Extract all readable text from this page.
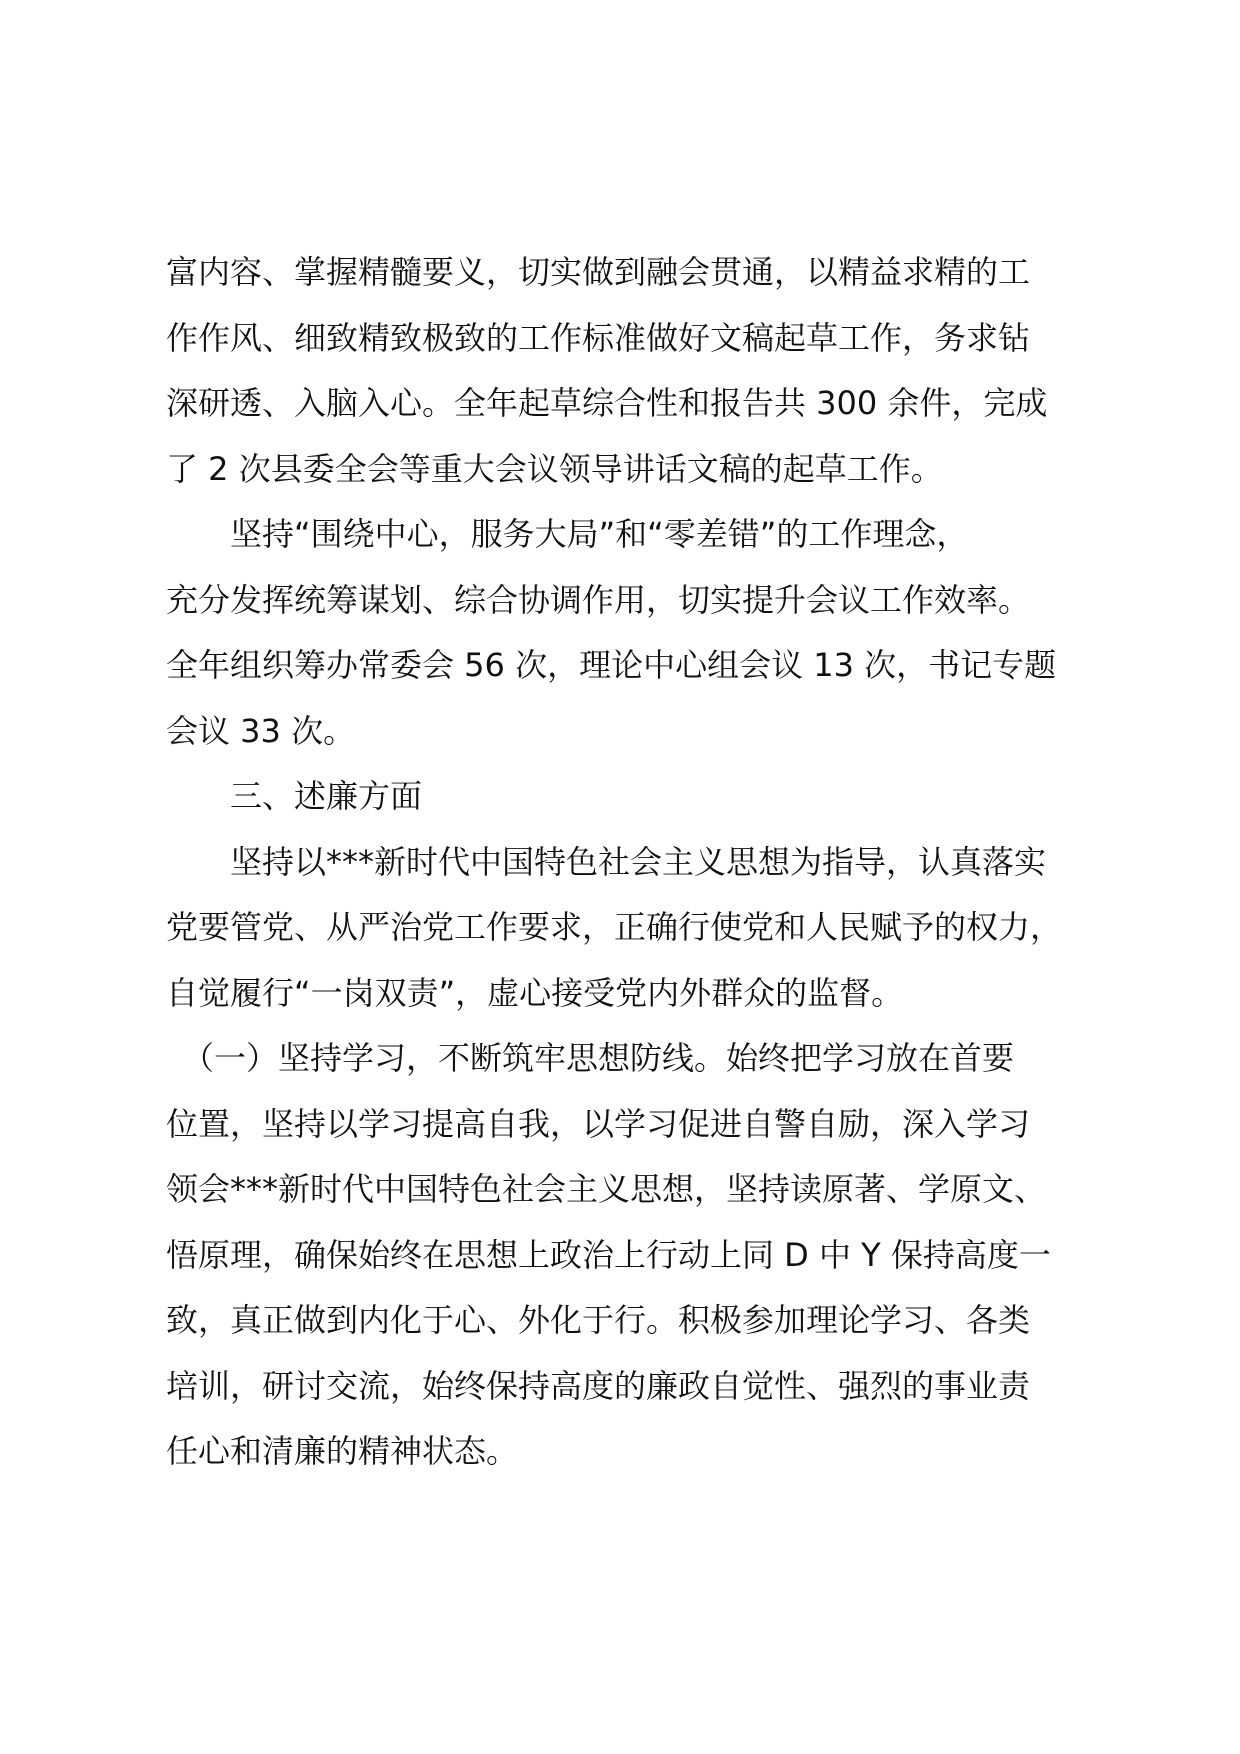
富内容、掌握精髓要义，切实做到融会贯通，以精益求精的工
作作风、细致精致极致的工作标准做好文稿起草工作，务求钻
深研透、入脑入心。全年起草综合性和报告共 300 余件，完成
了 2 次县委全会等重大会议领导讲话文稿的起草工作。
　　坚持“围绕中心，服务大局”和“零差错”的工作理念，
充分发挥统筹谋划、综合协调作用，切实提升会议工作效率。
全年组织筹办常委会 56 次，理论中心组会议 13 次，书记专题
会议 33 次。
　　三、述廉方面
　　坚持以***新时代中国特色社会主义思想为指导，认真落实
党要管党、从严治党工作要求，正确行使党和人民赋予的权力，
自觉履行“一岗双责”，虚心接受党内外群众的监督。
　（一）坚持学习，不断筑牢思想防线。始终把学习放在首要
位置，坚持以学习提高自我，以学习促进自警自励，深入学习
领会***新时代中国特色社会主义思想，坚持读原著、学原文、
悟原理，确保始终在思想上政治上行动上同 D 中 Y 保持高度一
致，真正做到内化于心、外化于行。积极参加理论学习、各类
培训，研讨交流，始终保持高度的廉政自觉性、强烈的事业责
任心和清廉的精神状态。
